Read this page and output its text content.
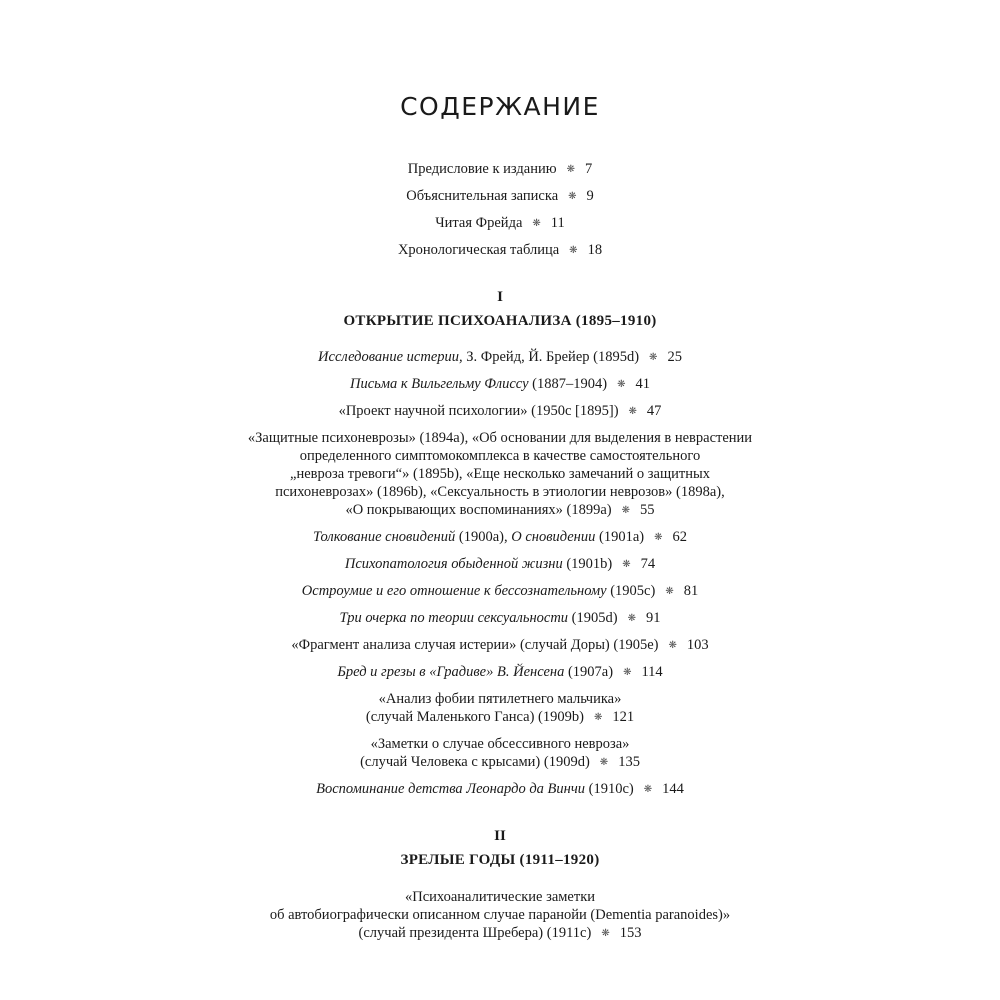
СОДЕРЖАНИЕ
Предисловие к изданию ❋ 7
Объяснительная записка ❋ 9
Читая Фрейда ❋ 11
Хронологическая таблица ❋ 18
I
ОТКРЫТИЕ ПСИХОАНАЛИЗА (1895–1910)
Исследование истерии, З. Фрейд, Й. Брейер (1895d) ❋ 25
Письма к Вильгельму Флиссу (1887–1904) ❋ 41
«Проект научной психологии» (1950c [1895]) ❋ 47
«Защитные психоневрозы» (1894a), «Об основании для выделения в неврастении
определенного симптомокомплекса в качестве самостоятельного
„невроза тревоги“» (1895b), «Еще несколько замечаний о защитных
психоневрозах» (1896b), «Сексуальность в этиологии неврозов» (1898a),
«О покрывающих воспоминаниях» (1899a) ❋ 55
Толкование сновидений (1900a), О сновидении (1901a) ❋ 62
Психопатология обыденной жизни (1901b) ❋ 74
Остроумие и его отношение к бессознательному (1905c) ❋ 81
Три очерка по теории сексуальности (1905d) ❋ 91
«Фрагмент анализа случая истерии» (случай Доры) (1905e) ❋ 103
Бред и грезы в «Градиве» В. Йенсена (1907a) ❋ 114
«Анализ фобии пятилетнего мальчика»
(случай Маленького Ганса) (1909b) ❋ 121
«Заметки о случае обсессивного невроза»
(случай Человека с крысами) (1909d) ❋ 135
Воспоминание детства Леонардо да Винчи (1910c) ❋ 144
II
ЗРЕЛЫЕ ГОДЫ (1911–1920)
«Психоаналитические заметки
об автобиографически описанном случае паранойи (Dementia paranoides)»
(случай президента Шребера) (1911c) ❋ 153
